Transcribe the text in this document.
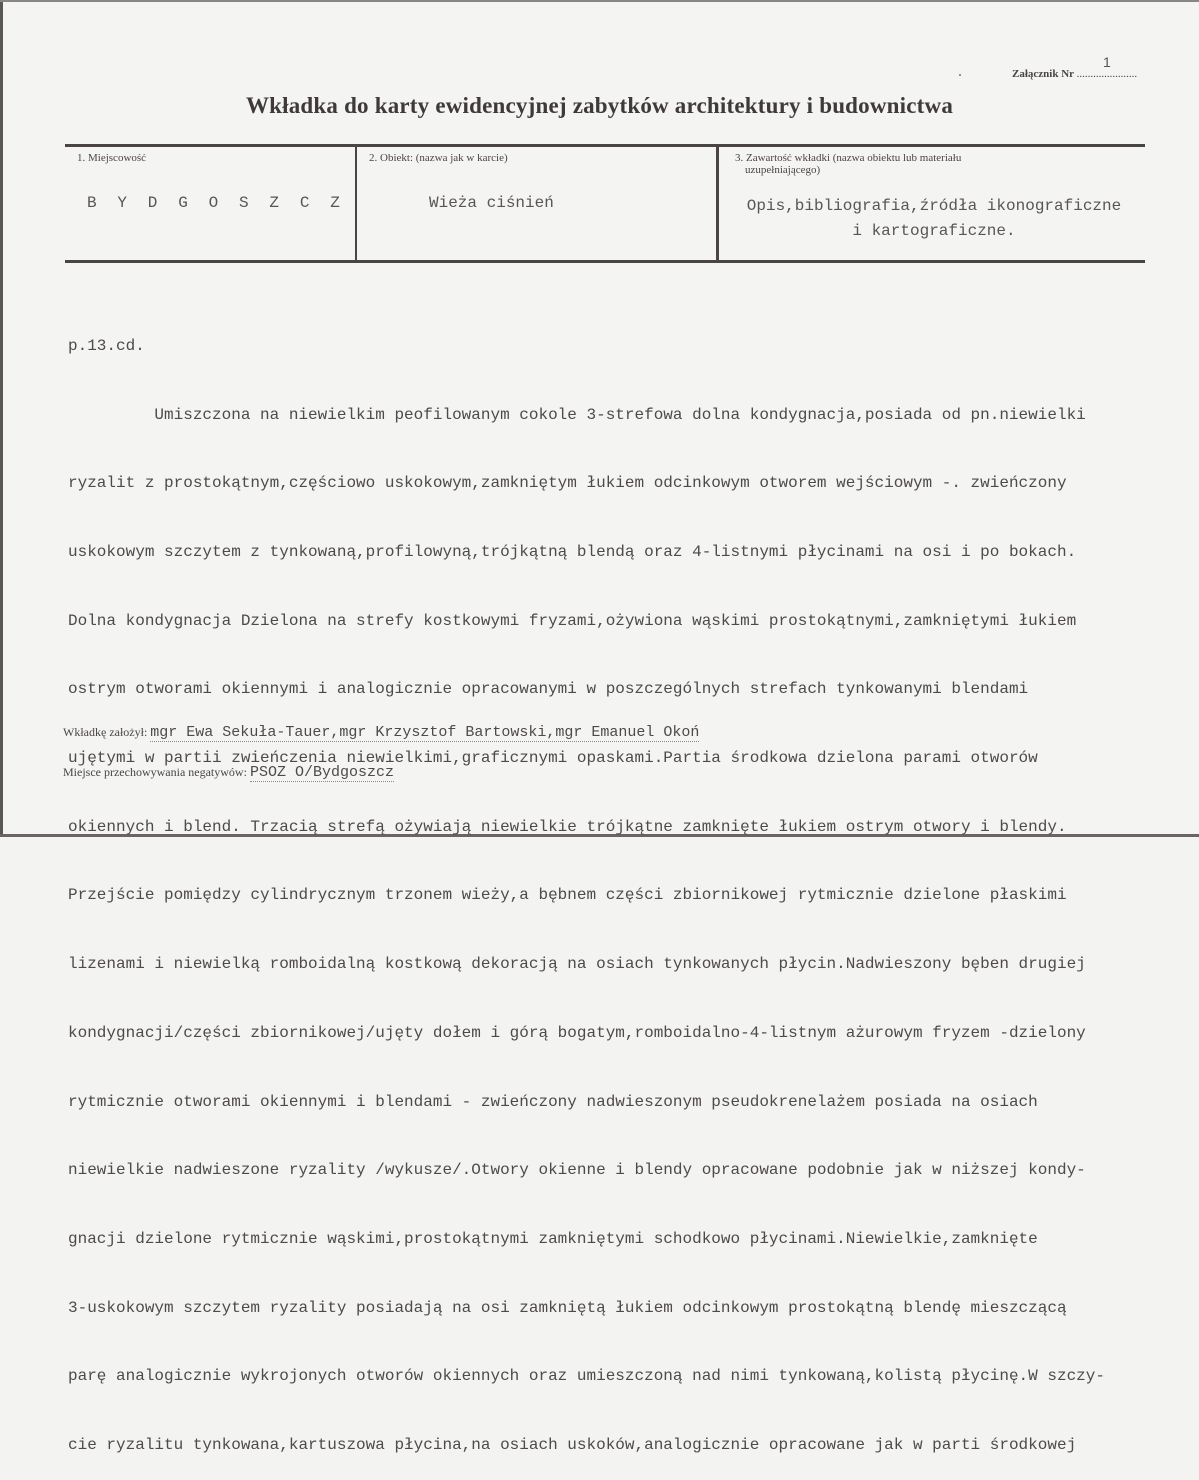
1
Załącznik Nr ......................
Wkładka do karty ewidencyjnej zabytków architektury i budownictwa
1. Miejscowość
B Y D G O S Z C Z
2. Obiekt: (nazwa jak w karcie)
Wieża ciśnień
3. Zawartość wkładki (nazwa obiektu lub materiału
uzupełniającego)
Opis,bibliografia,źródła ikonograficzne
i kartograficzne.

p.13.cd.

Umiszczona na niewielkim peofilowanym cokole 3-strefowa dolna kondygnacja,posiada od pn.niewielki

ryzalit z prostokątnym,częściowo uskokowym,zamkniętym łukiem odcinkowym otworem wejściowym -. zwieńczony

uskokowym szczytem z tynkowaną,profilowyną,trójkątną blendą oraz 4-listnymi płycinami na osi i po bokach.

Dolna kondygnacja Dzielona na strefy kostkowymi fryzami,ożywiona wąskimi prostokątnymi,zamkniętymi łukiem

ostrym otworami okiennymi i analogicznie opracowanymi w poszczególnych strefach tynkowanymi blendami

ujętymi w partii zwieńczenia niewielkimi,graficznymi opaskami.Partia środkowa dzielona parami otworów

okiennych i blend. Trzacią strefą ożywiają niewielkie trójkątne zamknięte łukiem ostrym otwory i blendy.

Przejście pomiędzy cylindrycznym trzonem wieży,a bębnem części zbiornikowej rytmicznie dzielone płaskimi

lizenami i niewielką romboidalną kostkową dekoracją na osiach tynkowanych płycin.Nadwieszony bęben drugiej

kondygnacji/części zbiornikowej/ujęty dołem i górą bogatym,romboidalno-4-listnym ażurowym fryzem -dzielony

rytmicznie otworami okiennymi i blendami - zwieńczony nadwieszonym pseudokrenelażem posiada na osiach

niewielkie nadwieszone ryzality /wykusze/.Otwory okienne i blendy opracowane podobnie jak w niższej kondy-

gnacji dzielone rytmicznie wąskimi,prostokątnymi zamkniętymi schodkowo płycinami.Niewielkie,zamknięte

3-uskokowym szczytem ryzality posiadają na osi zamkniętą łukiem odcinkowym prostokątną blendę mieszczącą

parę analogicznie wykrojonych otworów okiennych oraz umieszczoną nad nimi tynkowaną,kolistą płycinę.W szczy-

cie ryzalitu tynkowana,kartuszowa płycina,na osiach uskoków,analogicznie opracowane jak w parti środkowej

Wkładkę założył: mgr Ewa Sekuła-Tauer,mgr Krzysztof Bartowski,mgr Emanuel Okoń
Miejsce przechowywania negatywów: PSOZ O/Bydgoszcz
